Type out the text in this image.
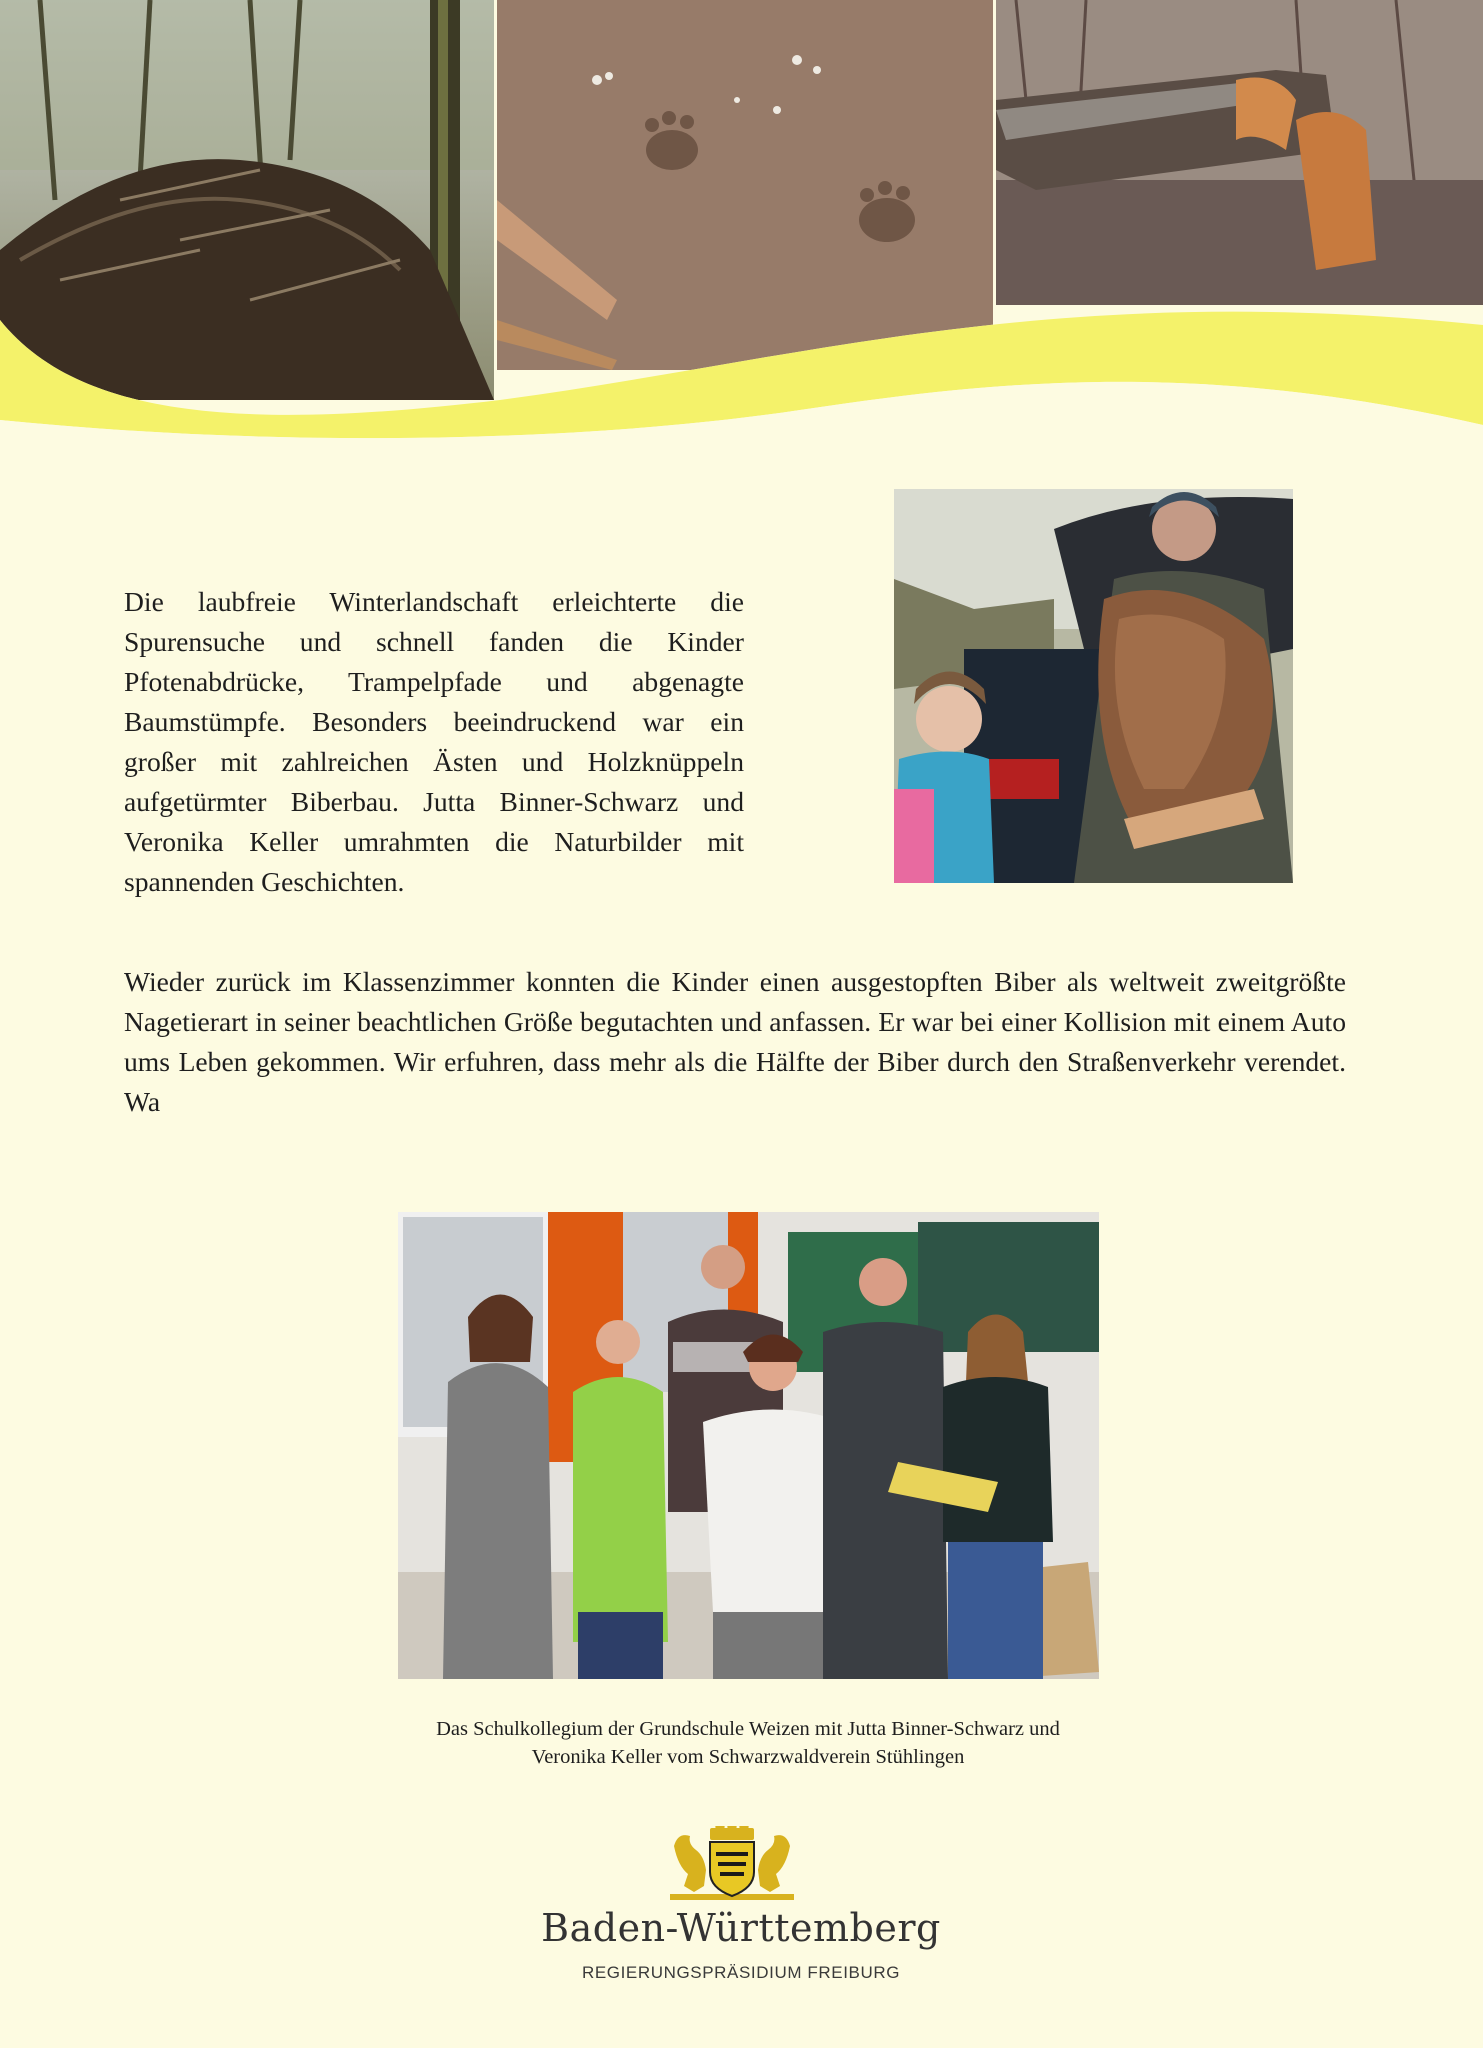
Die laubfreie Winterlandschaft erleichterte die Spurensuche und schnell fanden die Kinder Pfotenabdrücke, Trampelpfade und abgenagte Baumstümpfe. Besonders beeindruckend war ein großer mit zahlreichen Ästen und Holzknüppeln aufgetürmter Biberbau. Jutta Binner-Schwarz und Veronika Keller umrahmten die Naturbilder mit spannenden Geschichten.

Wieder zurück im Klassenzimmer konnten die Kinder einen ausgestopften Biber als weltweit zweitgrößte Nagetierart in seiner beachtlichen Größe begutachten und anfassen. Er war bei einer Kollision mit einem Auto ums Leben gekommen. Wir erfuhren, dass mehr als die Hälfte der Biber durch den Straßenverkehr verendet. Wa

Das Schulkollegium der Grundschule Weizen mit Jutta Binner-Schwarz und
Veronika Keller vom Schwarzwaldverein Stühlingen
Baden-Württemberg
REGIERUNGSPRÄSIDIUM FREIBURG
